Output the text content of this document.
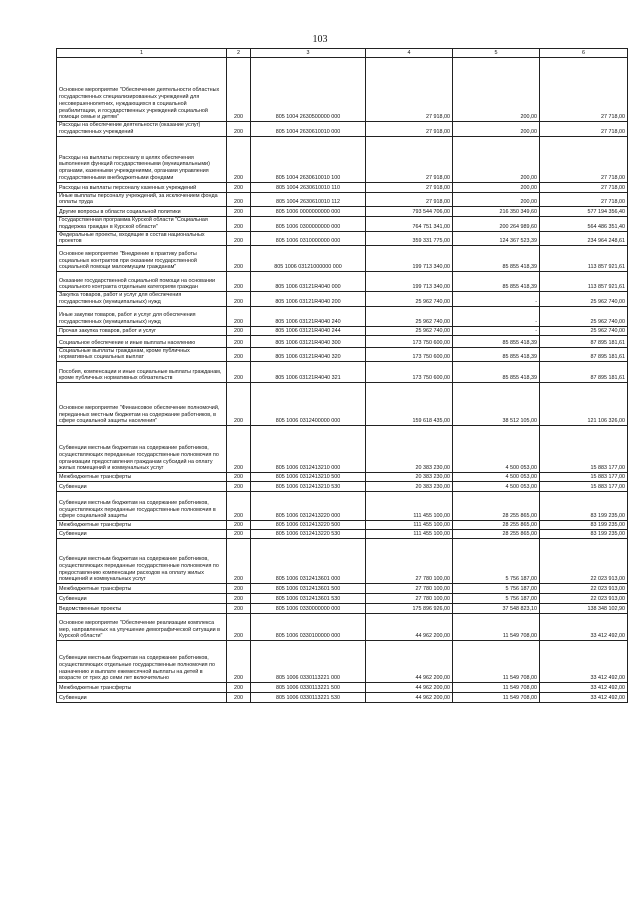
103
1	2	3	4	5	6
Основное мероприятие "Обеспечение деятельности областных государственных специализированных учреждений для несовершеннолетних, нуждающихся в социальной реабилитации, и государственных учреждений социальной помощи семье и детям"	200	805 1004 2630500000 000	27 918,00	200,00	27 718,00
Расходы на обеспечение деятельности (оказание услуг) государственных учреждений	200	805 1004 2630610010 000	27 918,00	200,00	27 718,00
Расходы на выплаты персоналу в целях обеспечения выполнения функций государственными (муниципальными) органами, казенными учреждениями, органами управления государственными внебюджетными фондами	200	805 1004 2630610010 100	27 918,00	200,00	27 718,00
Расходы на выплаты персоналу казенных учреждений	200	805 1004 2630610010 110	27 918,00	200,00	27 718,00
Иные выплаты персоналу учреждений, за исключением фонда оплаты труда	200	805 1004 2630610010 112	27 918,00	200,00	27 718,00
Другие вопросы в области социальной политики	200	805 1006 0000000000 000	793 544 706,00	216 350 349,60	577 194 356,40
Государственная программа Курской области "Социальная поддержка граждан в Курской области"	200	805 1006 0300000000 000	764 751 341,00	200 264 989,60	564 486 351,40
Федеральные проекты, входящие в состав национальных проектов	200	805 1006 0310000000 000	359 331 775,00	124 367 523,39	234 964 248,61
Основное мероприятие "Внедрение в практику работы социальных контрактов при оказании государственной социальной помощи малоимущим гражданам"	200	805 1006 03121000000 000	199 713 340,00	85 855 418,39	113 857 921,61
Оказание государственной социальной помощи на основании социального контракта отдельным категориям граждан	200	805 1006 03121R4040 000	199 713 340,00	85 855 418,39	113 857 921,61
Закупка товаров, работ и услуг для обеспечения государственных (муниципальных) нужд	200	805 1006 03121R4040 200	25 962 740,00	-	25 962 740,00
Иные закупки товаров, работ и услуг для обеспечения государственных (муниципальных) нужд	200	805 1006 03121R4040 240	25 962 740,00	-	25 962 740,00
Прочая закупка товаров, работ и услуг	200	805 1006 03121R4040 244	25 962 740,00	-	25 962 740,00
Социальное обеспечение и иные выплаты населению	200	805 1006 03121R4040 300	173 750 600,00	85 855 418,39	87 895 181,61
Социальные выплаты гражданам, кроме публичных нормативных социальных выплат	200	805 1006 03121R4040 320	173 750 600,00	85 855 418,39	87 895 181,61
Пособия, компенсации и иные социальные выплаты гражданам, кроме публичных нормативных обязательств	200	805 1006 03121R4040 321	173 750 600,00	85 855 418,39	87 895 181,61
Основное мероприятие "Финансовое обеспечение полномочий, переданных местным бюджетам на содержание работников, в сфере социальной защиты населения"	200	805 1006 0312400000 000	159 618 435,00	38 512 105,00	121 106 326,00
Субвенции местным бюджетам на содержание работников, осуществляющих переданные государственные полномочия по организации предоставления гражданам субсидий на оплату жилых помещений и коммунальных услуг	200	805 1006 0312413210 000	20 383 230,00	4 500 053,00	15 883 177,00
Межбюджетные трансферты	200	805 1006 0312413210 500	20 383 230,00	4 500 053,00	15 883 177,00
Субвенции	200	805 1006 0312413210 530	20 383 230,00	4 500 053,00	15 883 177,00
Субвенции местным бюджетам на содержание работников, осуществляющих переданные государственные полномочия в сфере социальной защиты	200	805 1006 0312413220 000	111 455 100,00	28 255 865,00	83 199 235,00
Межбюджетные трансферты	200	805 1006 0312413220 500	111 455 100,00	28 255 865,00	83 199 235,00
Субвенции	200	805 1006 0312413220 530	111 455 100,00	28 255 865,00	83 199 235,00
Субвенции местным бюджетам на содержание работников, осуществляющих переданные государственные полномочия по предоставлению компенсации расходов на оплату жилых помещений и коммунальных услуг	200	805 1006 0312413601 000	27 780 100,00	5 756 187,00	22 023 913,00
Межбюджетные трансферты	200	805 1006 0312413601 500	27 780 100,00	5 756 187,00	22 023 913,00
Субвенции	200	805 1006 0312413601 530	27 780 100,00	5 756 187,00	22 023 913,00
Ведомственные проекты	200	805 1006 0330000000 000	175 896 926,00	37 548 823,10	138 348 102,90
Основное мероприятие "Обеспечение реализации комплекса мер, направленных на улучшение демографической ситуации в Курской области"	200	805 1006 0330100000 000	44 962 200,00	11 549 708,00	33 412 492,00
Субвенции местным бюджетам на содержание работников, осуществляющих отдельные государственные полномочия по назначению и выплате ежемесячной выплаты на детей в возрасте от трех до семи лет включительно	200	805 1006 0330113221 000	44 962 200,00	11 549 708,00	33 412 492,00
Межбюджетные трансферты	200	805 1006 0330113221 500	44 962 200,00	11 549 708,00	33 412 492,00
Субвенции	200	805 1006 0330113221 530	44 962 200,00	11 549 708,00	33 412 492,00
